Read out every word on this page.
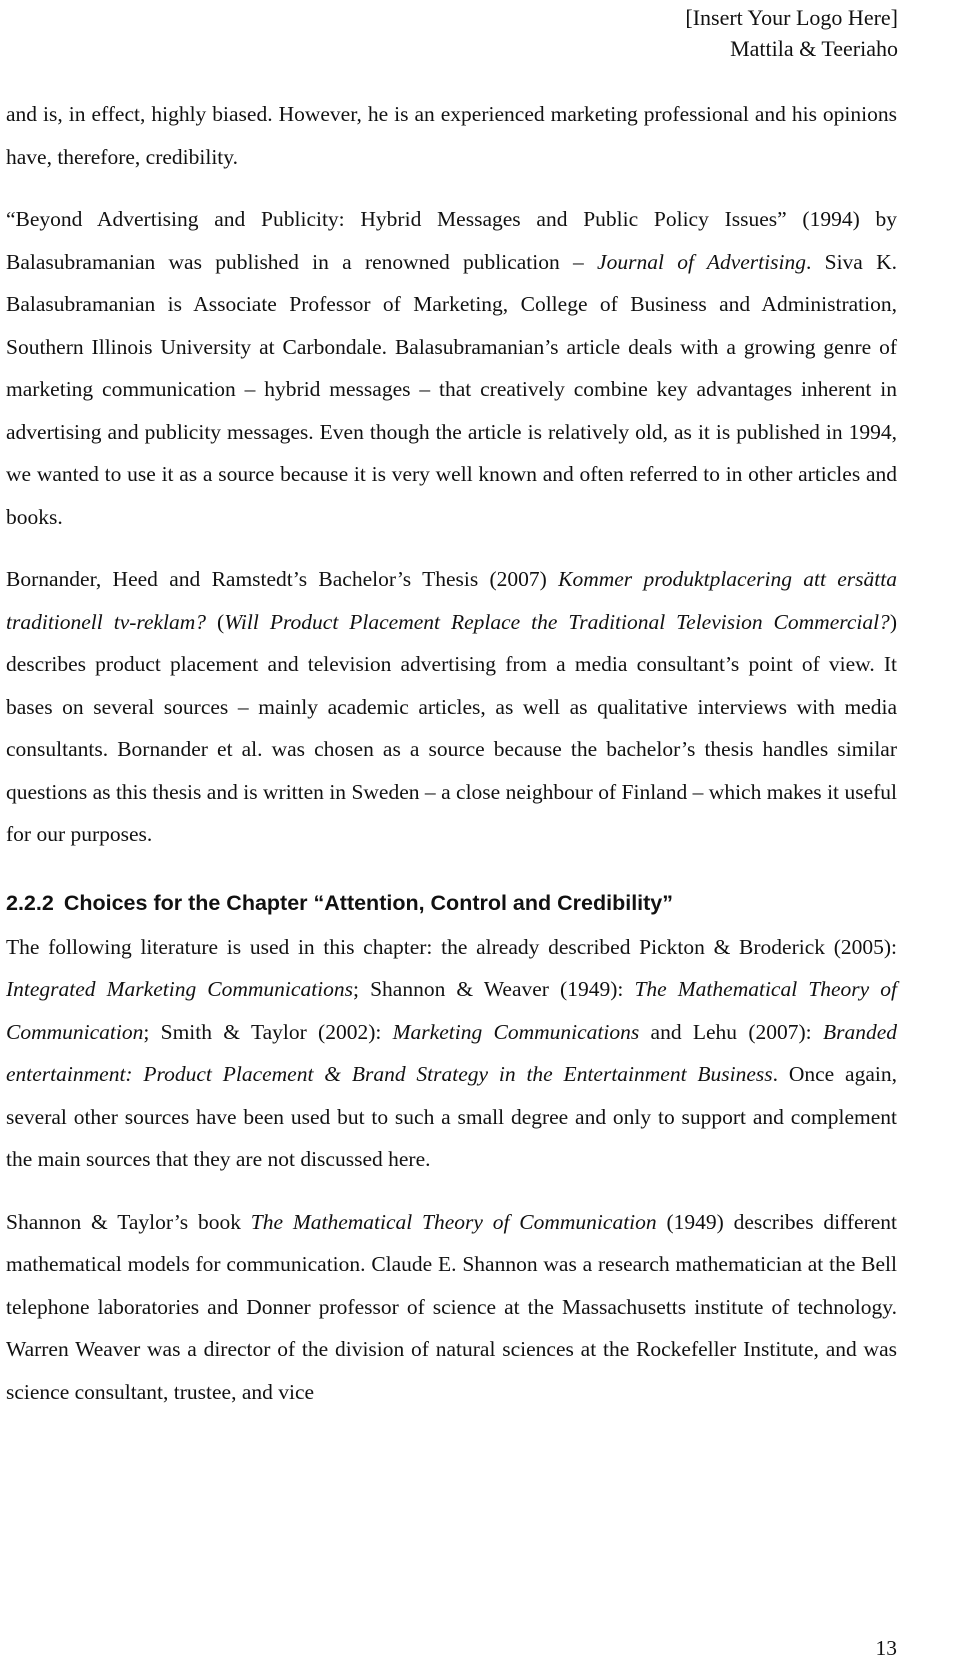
[Insert Your Logo Here]
Mattila & Teeriaho

and is, in effect, highly biased. However, he is an experienced marketing professional and his opinions have, therefore, credibility.

“Beyond Advertising and Publicity: Hybrid Messages and Public Policy Issues” (1994) by Balasubramanian was published in a renowned publication – Journal of Advertising. Siva K. Balasubramanian is Associate Professor of Marketing, College of Business and Administration, Southern Illinois University at Carbondale. Balasubramanian’s article deals with a growing genre of marketing communication – hybrid messages – that creatively combine key advantages inherent in advertising and publicity messages. Even though the article is relatively old, as it is published in 1994, we wanted to use it as a source because it is very well known and often referred to in other articles and books.

Bornander, Heed and Ramstedt’s Bachelor’s Thesis (2007) Kommer produktplacering att ersätta traditionell tv-reklam? (Will Product Placement Replace the Traditional Television Commercial?) describes product placement and television advertising from a media consultant’s point of view. It bases on several sources – mainly academic articles, as well as qualitative interviews with media consultants. Bornander et al. was chosen as a source because the bachelor’s thesis handles similar questions as this thesis and is written in Sweden – a close neighbour of Finland – which makes it useful for our purposes.

2.2.2 Choices for the Chapter “Attention, Control and Credibility”

The following literature is used in this chapter: the already described Pickton & Broderick (2005): Integrated Marketing Communications; Shannon & Weaver (1949): The Mathematical Theory of Communication; Smith & Taylor (2002): Marketing Communications and Lehu (2007): Branded entertainment: Product Placement & Brand Strategy in the Entertainment Business. Once again, several other sources have been used but to such a small degree and only to support and complement the main sources that they are not discussed here.

Shannon & Taylor’s book The Mathematical Theory of Communication (1949) describes different mathematical models for communication. Claude E. Shannon was a research mathematician at the Bell telephone laboratories and Donner professor of science at the Massachusetts institute of technology. Warren Weaver was a director of the division of natural sciences at the Rockefeller Institute, and was science consultant, trustee, and vice

13
